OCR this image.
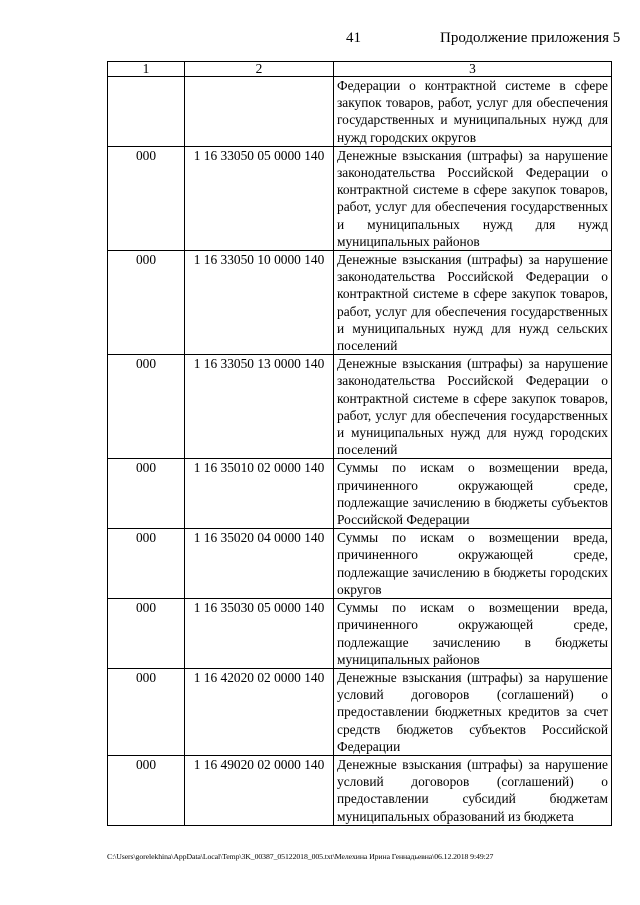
41	Продолжение приложения 5
1	2	3
		Федерации о контрактной системе в сфере закупок товаров, работ, услуг для обеспечения государственных и муниципальных нужд для нужд городских округов
000	1 16 33050 05 0000 140	Денежные взыскания (штрафы) за нарушение законодательства Российской Федерации о контрактной системе в сфере закупок товаров, работ, услуг для обеспечения государственных и муниципальных нужд для нужд муниципальных районов
000	1 16 33050 10 0000 140	Денежные взыскания (штрафы) за нарушение законодательства Российской Федерации о контрактной системе в сфере закупок товаров, работ, услуг для обеспечения государственных и муниципальных нужд для нужд сельских поселений
000	1 16 33050 13 0000 140	Денежные взыскания (штрафы) за нарушение законодательства Российской Федерации о контрактной системе в сфере закупок товаров, работ, услуг для обеспечения государственных и муниципальных нужд для нужд городских поселений
000	1 16 35010 02 0000 140	Суммы по искам о возмещении вреда, причиненного окружающей среде, подлежащие зачислению в бюджеты субъектов Российской Федерации
000	1 16 35020 04 0000 140	Суммы по искам о возмещении вреда, причиненного окружающей среде, подлежащие зачислению в бюджеты городских округов
000	1 16 35030 05 0000 140	Суммы по искам о возмещении вреда, причиненного окружающей среде, подлежащие зачислению в бюджеты муниципальных районов
000	1 16 42020 02 0000 140	Денежные взыскания (штрафы) за нарушение условий договоров (соглашений) о предоставлении бюджетных кредитов за счет средств бюджетов субъектов Российской Федерации
000	1 16 49020 02 0000 140	Денежные взыскания (штрафы) за нарушение условий договоров (соглашений) о предоставлении субсидий бюджетам муниципальных образований из бюджета
C:\Users\gorelekhina\AppData\Local\Temp\3K_00387_05122018_005.txt\Мелехина Ирина Геннадьевна\06.12.2018 9:49:27
